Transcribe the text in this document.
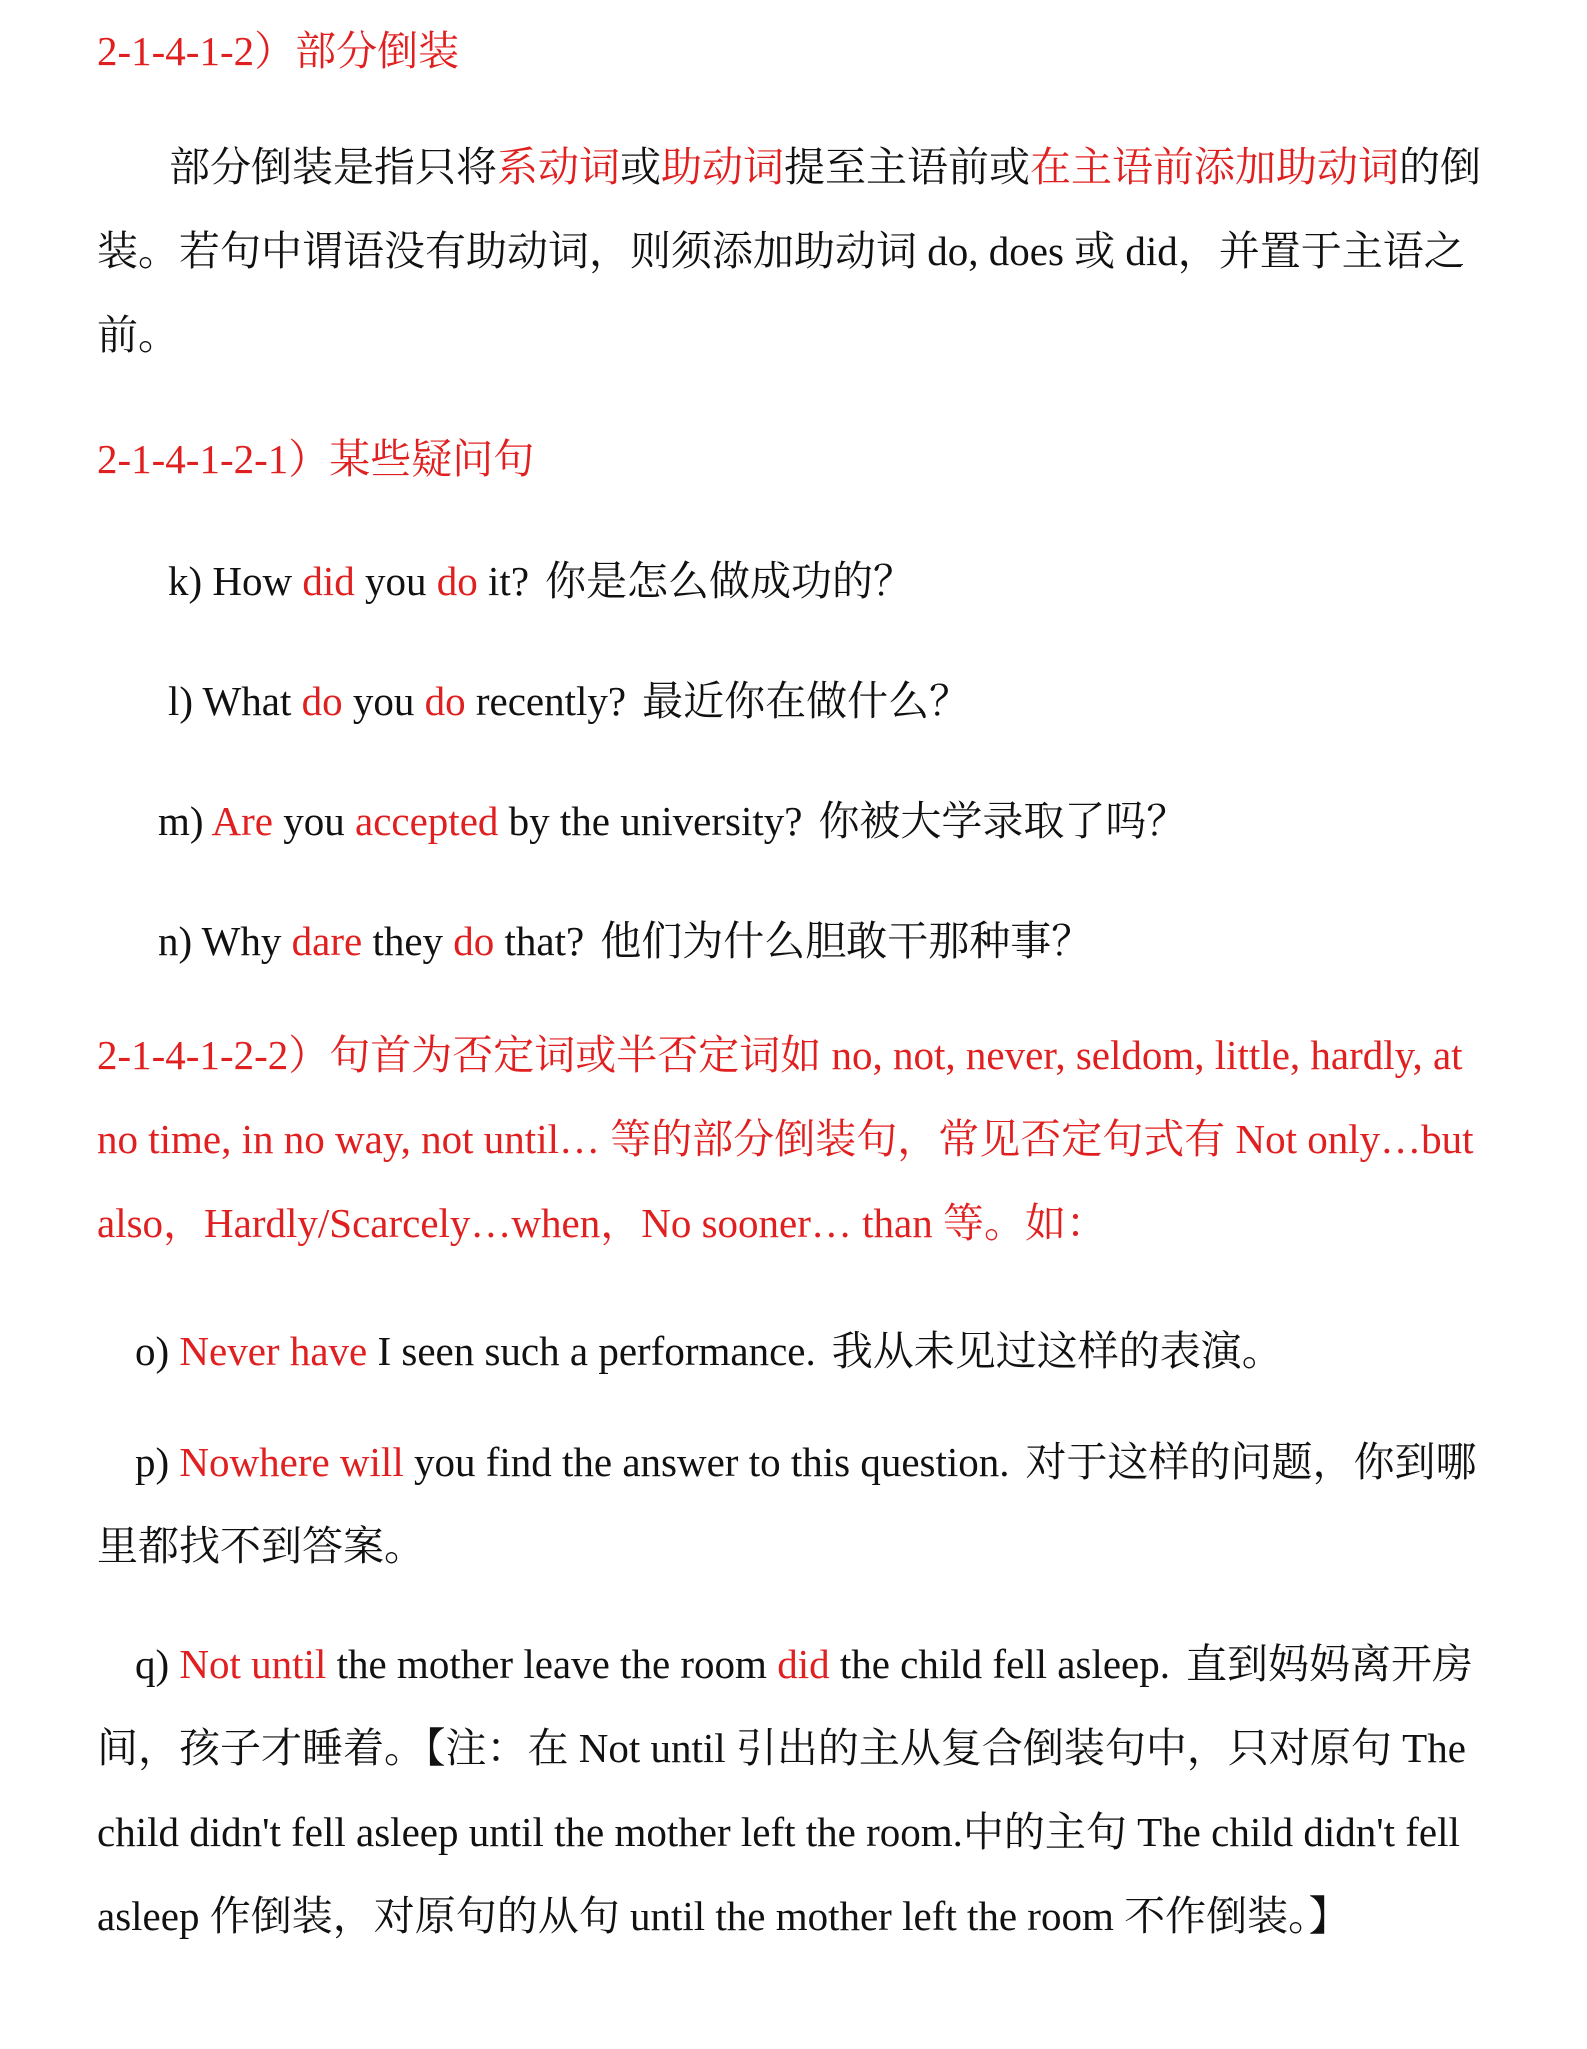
2-1-4-1-2）部分倒装
部分倒装是指只将系动词或助动词提至主语前或在主语前添加助动词的倒装。若句中谓语没有助动词，则须添加助动词 do, does 或 did，并置于主语之前。
2-1-4-1-2-1）某些疑问句
k) How did you do it? 你是怎么做成功的？
l) What do you do recently? 最近你在做什么？
m) Are you accepted by the university? 你被大学录取了吗？
n) Why dare they do that? 他们为什么胆敢干那种事？
2-1-4-1-2-2）句首为否定词或半否定词如 no, not, never, seldom, little, hardly, at no time, in no way, not until… 等的部分倒装句，常见否定句式有 Not only…but also，Hardly/Scarcely…when，No sooner… than 等。如：
o) Never have I seen such a performance. 我从未见过这样的表演。
p) Nowhere will you find the answer to this question. 对于这样的问题，你到哪里都找不到答案。
q) Not until the mother leave the room did the child fell asleep. 直到妈妈离开房间，孩子才睡着。【注：在 Not until 引出的主从复合倒装句中，只对原句 The child didn't fell asleep until the mother left the room.中的主句 The child didn't fell asleep 作倒装，对原句的从句 until the mother left the room 不作倒装。】
